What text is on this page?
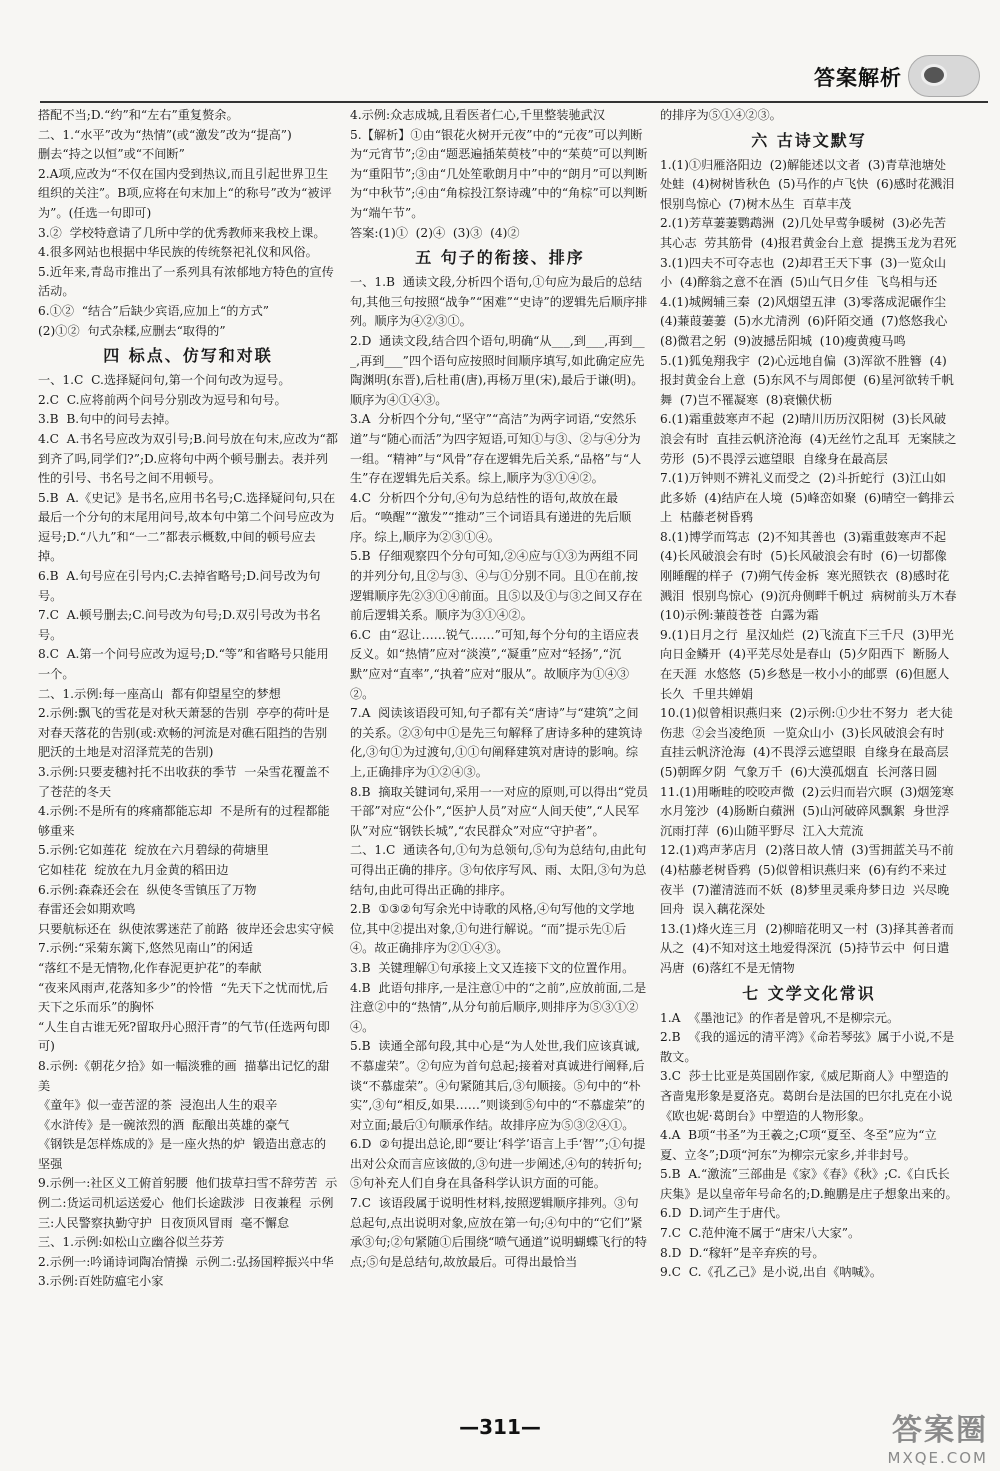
答案解析

搭配不当;D.“约”和“左右”重复赘余。

二、1.“水平”改为“热情”(或“激发”改为“提高”)
删去“持之以恒”或“不间断”

2.A项,应改为“不仅在国内受到热议,而且引起世界卫生组织的关注”。B项,应将在句末加上“的称号”改为“被评为”。(任选一句即可)

3.②  学校特意请了几所中学的优秀教师来我校上课。

4.很多网站也根据中华民族的传统祭祀礼仪和风俗。

5.近年来,青岛市推出了一系列具有浓郁地方特色的宣传活动。

6.①②  “结合”后缺少宾语,应加上“的方式”
(2)①②  句式杂糅,应删去“取得的”

四 标点、仿写和对联

一、1.C  C.选择疑问句,第一个问句改为逗号。

2.C  C.应将前两个问号分别改为逗号和句号。

3.B  B.句中的问号去掉。

4.C  A.书名号应改为双引号;B.问号放在句末,应改为“都到齐了吗,同学们?”;D.应将句中两个顿号删去。表并列性的引号、书名号之间不用顿号。

5.B  A.《史记》是书名,应用书名号;C.选择疑问句,只在最后一个分句的末尾用问号,故本句中第二个问号应改为逗号;D.“八九”和“一二”都表示概数,中间的顿号应去掉。

6.B  A.句号应在引号内;C.去掉省略号;D.问号改为句号。

7.C  A.顿号删去;C.问号改为句号;D.双引号改为书名号。

8.C  A.第一个问号应改为逗号;D.“等”和省略号只能用一个。

二、1.示例:每一座高山  都有仰望星空的梦想

2.示例:飘飞的雪花是对秋天萧瑟的告别  亭亭的荷叶是对春天落花的告别(或:欢畅的河流是对礁石阻挡的告别  肥沃的土地是对沼泽荒芜的告别)

3.示例:只要麦穗衬托不出收获的季节  一朵雪花覆盖不了苍茫的冬天

4.示例:不是所有的疼痛都能忘却  不是所有的过程都能够重来

5.示例:它如莲花  绽放在六月碧绿的荷塘里
它如桂花  绽放在九月金黄的稻田边

6.示例:森森还会在  纵使冬雪镇压了万物
春雷还会如期欢鸣
只要航标还在  纵使浓雾迷茫了前路  彼岸还会忠实守候

7.示例:“采菊东篱下,悠然见南山”的闲适
“落红不是无情物,化作春泥更护花”的奉献
“夜来风雨声,花落知多少”的怜惜  “先天下之忧而忧,后天下之乐而乐”的胸怀
“人生自古谁无死?留取丹心照汗青”的气节(任选两句即可)

8.示例:《朝花夕拾》如一幅淡雅的画  描摹出记忆的甜美
《童年》似一壶苦涩的茶  浸泡出人生的艰辛
《水浒传》是一碗浓烈的酒  酝酿出英雄的豪气
《钢铁是怎样炼成的》是一座火热的炉  锻造出意志的坚强

9.示例一:社区义工俯首躬腰  他们拔草扫雪不辞劳苦  示例二:货运司机运送爱心  他们长途跋涉  日夜兼程  示例三:人民警察执勤守护  日夜顶风冒雨  毫不懈怠
三、1.示例:如松山立幽谷似兰芬芳

2.示例一:吟诵诗词陶冶情操  示例二:弘扬国粹振兴中华

3.示例:百姓防瘟宅小家

4.示例:众志成城,且看医者仁心,千里整装驰武汉

5.【解析】①由“银花火树开元夜”中的“元夜”可以判断为“元宵节”;②由“题恶遍插茱萸枝”中的“茱萸”可以判断为“重阳节”;③由“几处笙歌朗月中”中的“朗月”可以判断为“中秋节”;④由“角棕投江祭诗魂”中的“角棕”可以判断为“端午节”。
答案:(1)①  (2)④  (3)③  (4)②

五 句子的衔接、排序

一、1.B  通读文段,分析四个语句,①句应为最后的总结句,其他三句按照“战争”“困难”“史诗”的逻辑先后顺序排列。顺序为④②③①。

2.D  通读文段,结合四个语句,明确“从___,到___,再到___,再到___”四个语句应按照时间顺序填写,如此确定应先陶渊明(东晋),后杜甫(唐),再杨万里(宋),最后于谦(明)。顺序为④①④③。

3.A  分析四个分句,“坚守”“高洁”为两字词语,“安然乐道”与“随心而活”为四字短语,可知①与③、②与④分为一组。“精神”与“风骨”存在逻辑先后关系,“品格”与“人生”存在逻辑先后关系。综上,顺序为③①④②。

4.C  分析四个分句,④句为总结性的语句,故放在最后。“唤醒”“激发”“推动”三个词语具有递进的先后顺序。综上,顺序为②③①④。

5.B  仔细观察四个分句可知,②④应与①③为两组不同的并列分句,且②与③、④与①分别不同。且①在前,按逻辑顺序先②③①④前面。且⑤以及①与③之间又存在前后逻辑关系。顺序为③①④②。

6.C  由“忍让……锐气……”可知,每个分句的主语应表反义。如“热情”应对“淡漠”,“凝重”应对“轻扬”,“沉默”应对“直率”,“执着”应对“服从”。故顺序为①④③②。

7.A  阅读该语段可知,句子都有关“唐诗”与“建筑”之间的关系。②③句中①是先三句解释了唐诗多种的建筑诗化,③句①为过渡句,①①句阐释建筑对唐诗的影响。综上,正确排序为①②④③。

8.B  摘取关键词句,采用一一对应的原则,可以得出“党员干部”对应“公仆”,“医护人员”对应“人间天使”,“人民军队”对应“钢铁长城”,“农民群众”对应“守护者”。

二、1.C  通读各句,①句为总领句,⑤句为总结句,由此句可得出正确的排序。③句依序写风、雨、太阳,③句为总结句,由此可得出正确的排序。

2.B  ①③②句写余光中诗歌的风格,④句写他的文学地位,其中②提出对象,①句进行解说。“而”提示先①后④。故正确排序为②①④③。

3.B  关键理解①句承接上文又连接下文的位置作用。

4.B  此语句排序,一是注意①中的“之前”,应放前面,二是注意②中的“热情”,从分句前后顺序,则排序为⑤③①②④。

5.B  读通全部句段,其中心是“为人处世,我们应该真诚,不慕虚荣”。②句应为首句总起;接着对真诚进行阐释,后谈“不慕虚荣”。④句紧随其后,③句顺接。⑤句中的“朴实”,③句“相反,如果……”则谈到⑤句中的“不慕虚荣”的对立面;最后①句顺承作结。故排序应为⑤③②④①。

6.D  ②句提出总论,即“要让‘科学’语言上手‘智’”;①句提出对公众而言应该做的,③句进一步阐述,④句的转折句;⑤句补充人们自身在具备科学认识方面的可能。

7.C  该语段属于说明性材料,按照逻辑顺序排列。③句总起句,点出说明对象,应放在第一句;④句中的“它们”紧承③句;②句紧随①后围绕“喷气通道”说明蝴蝶飞行的特点;⑤句是总结句,故放最后。可得出最恰当

的排序为⑤①④②③。

六 古诗文默写

1.(1)①归雁洛阳边  (2)解能述以文者  (3)青草池塘处处蛙  (4)树树皆秋色  (5)马作的卢飞快  (6)感时花溅泪  恨别鸟惊心  (7)树木丛生  百草丰茂

2.(1)芳草萋萋鹦鹉洲  (2)几处早莺争暖树  (3)必先苦其心志  劳其筋骨  (4)报君黄金台上意  提携玉龙为君死

3.(1)四夫不可夺志也  (2)却君王天下事  (3)一览众山小  (4)醉翁之意不在酒  (5)山气日夕佳  飞鸟相与还

4.(1)城阙辅三秦  (2)风烟望五津  (3)零落成泥碾作尘  (4)蒹葭萋萋  (5)水尤清洌  (6)阡陌交通  (7)悠悠我心  (8)微君之躬  (9)波撼岳阳城  (10)瘦黄瘦马鸣

5.(1)狐兔翔我宇  (2)心远地自偏  (3)浑欲不胜簪  (4)报封黄金台上意  (5)东风不与周郎便  (6)星河欲转千帆舞  (7)岂不罹凝寒  (8)衰懒伏枥

6.(1)霜重鼓寒声不起  (2)晴川历历汉阳树  (3)长风破浪会有时  直挂云帆济沧海  (4)无丝竹之乱耳  无案牍之劳形  (5)不畏浮云遮望眼  自缘身在最高层

7.(1)万钟则不辨礼义而受之  (2)斗折蛇行  (3)江山如此多娇  (4)结庐在人境  (5)峰峦如聚  (6)晴空一鹤排云上  枯藤老树昏鸦

8.(1)博学而笃志  (2)不知其善也  (3)霜重鼓寒声不起  (4)长风破浪会有时  (5)长风破浪会有时  (6)一切都像刚睡醒的样子  (7)朔气传金柝  寒光照铁衣  (8)感时花溅泪  恨别鸟惊心  (9)沉舟侧畔千帆过  病树前头万木春  (10)示例:蒹葭苍苍  白露为霜

9.(1)日月之行  星汉灿烂  (2)飞流直下三千尺  (3)甲光向日金鳞开  (4)平芜尽处是春山  (5)夕阳西下  断肠人在天涯  水悠悠  (5)乡愁是一枚小小的邮票  (6)但愿人长久  千里共婵娟

10.(1)似曾相识燕归来  (2)示例:①少壮不努力  老大徒伤悲  ②会当凌绝顶  一览众山小  (3)长风破浪会有时  直挂云帆济沧海  (4)不畏浮云遮望眼  自缘身在最高层  (5)朝晖夕阴  气象万千  (6)大漠孤烟直  长河落日圆

11.(1)用晰畦的咬咬声微  (2)云归而岩穴暝  (3)烟笼寒水月笼沙  (4)肠断白蘋洲  (5)山河破碎风飘絮  身世浮沉雨打萍  (6)山随平野尽  江入大荒流

12.(1)鸡声茅店月  (2)落日故人情  (3)雪拥蓝关马不前  (4)枯藤老树昏鸦  (5)似曾相识燕归来  (6)有约不来过夜半  (7)灌清涟而不妖  (8)梦里灵乘舟梦日边  兴尽晚回舟  误入藕花深处

13.(1)烽火连三月  (2)柳暗花明又一村  (3)择其善者而从之  (4)不知对这土地爱得深沉  (5)持节云中  何日遣冯唐  (6)落红不是无情物

七 文学文化常识

1.A  《墨池记》的作者是曾巩,不是柳宗元。

2.B  《我的遥远的清平湾》《命若琴弦》属于小说,不是散文。

3.C  莎士比亚是英国剧作家,《威尼斯商人》中塑造的吝啬鬼形象是夏洛克。葛朗台是法国的巴尔扎克在小说《欧也妮·葛朗台》中塑造的人物形象。

4.A  B项“书圣”为王羲之;C项“夏至、冬至”应为“立夏、立冬”;D项“河东”为柳宗元家乡,并非封号。

5.B  A.“激流”三部曲是《家》《春》《秋》;C.《白氏长庆集》是以皇帝年号命名的;D.鲍鹏是庄子想象出来的。

6.D  D.词产生于唐代。

7.C  C.范仲淹不属于“唐宋八大家”。

8.D  D.“稼轩”是辛弃疾的号。

9.C  C.《孔乙己》是小说,出自《呐喊》。

—311—	答案圈
MXQE.COM
